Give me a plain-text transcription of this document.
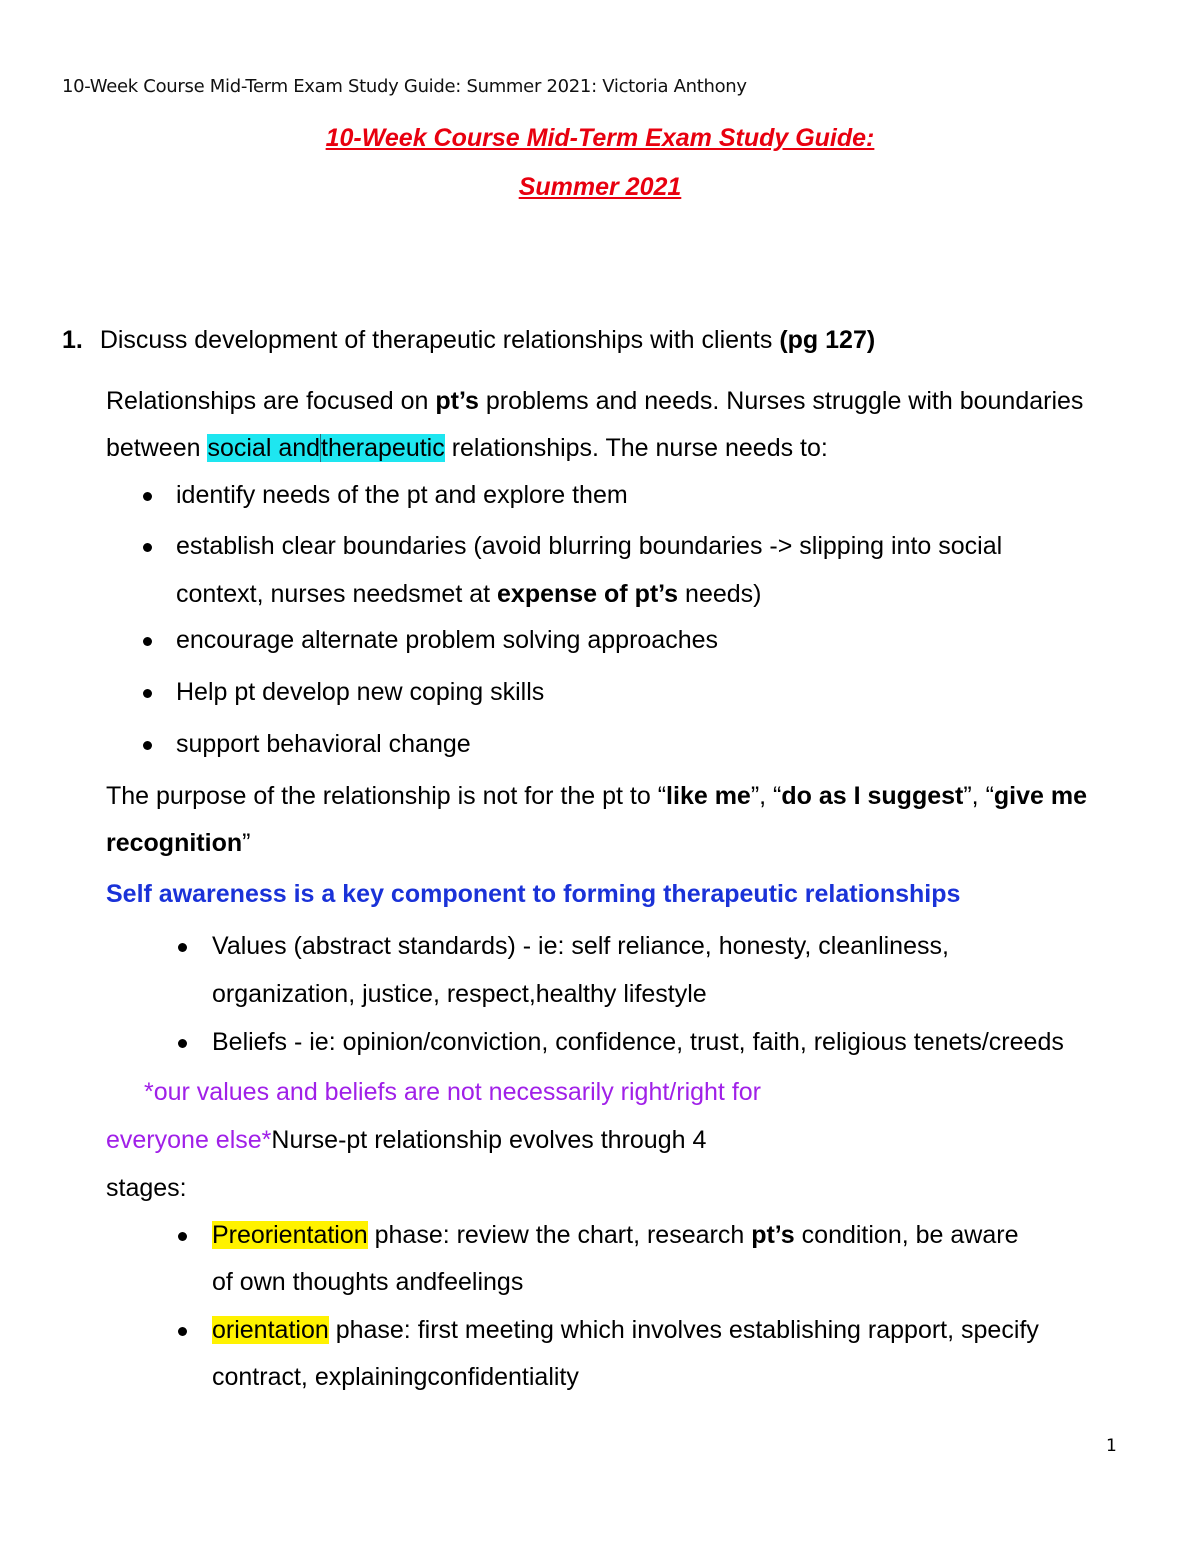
10-Week Course Mid-Term Exam Study Guide: Summer 2021: Victoria Anthony
10-Week Course Mid-Term Exam Study Guide:
Summer 2021
1. Discuss development of therapeutic relationships with clients (pg 127)
Relationships are focused on pt’s problems and needs. Nurses struggle with boundaries
between social andtherapeutic relationships. The nurse needs to:
identify needs of the pt and explore them
establish clear boundaries (avoid blurring boundaries -> slipping into social
context, nurses needsmet at expense of pt’s needs)
encourage alternate problem solving approaches
Help pt develop new coping skills
support behavioral change
The purpose of the relationship is not for the pt to “like me”, “do as I suggest”, “give me
recognition”
Self awareness is a key component to forming therapeutic relationships
Values (abstract standards) - ie: self reliance, honesty, cleanliness,
organization, justice, respect,healthy lifestyle
Beliefs - ie: opinion/conviction, confidence, trust, faith, religious tenets/creeds
*our values and beliefs are not necessarily right/right for
everyone else*Nurse-pt relationship evolves through 4
stages:
Preorientation phase: review the chart, research pt’s condition, be aware
of own thoughts andfeelings
orientation phase: first meeting which involves establishing rapport, specify
contract, explainingconfidentiality
1
